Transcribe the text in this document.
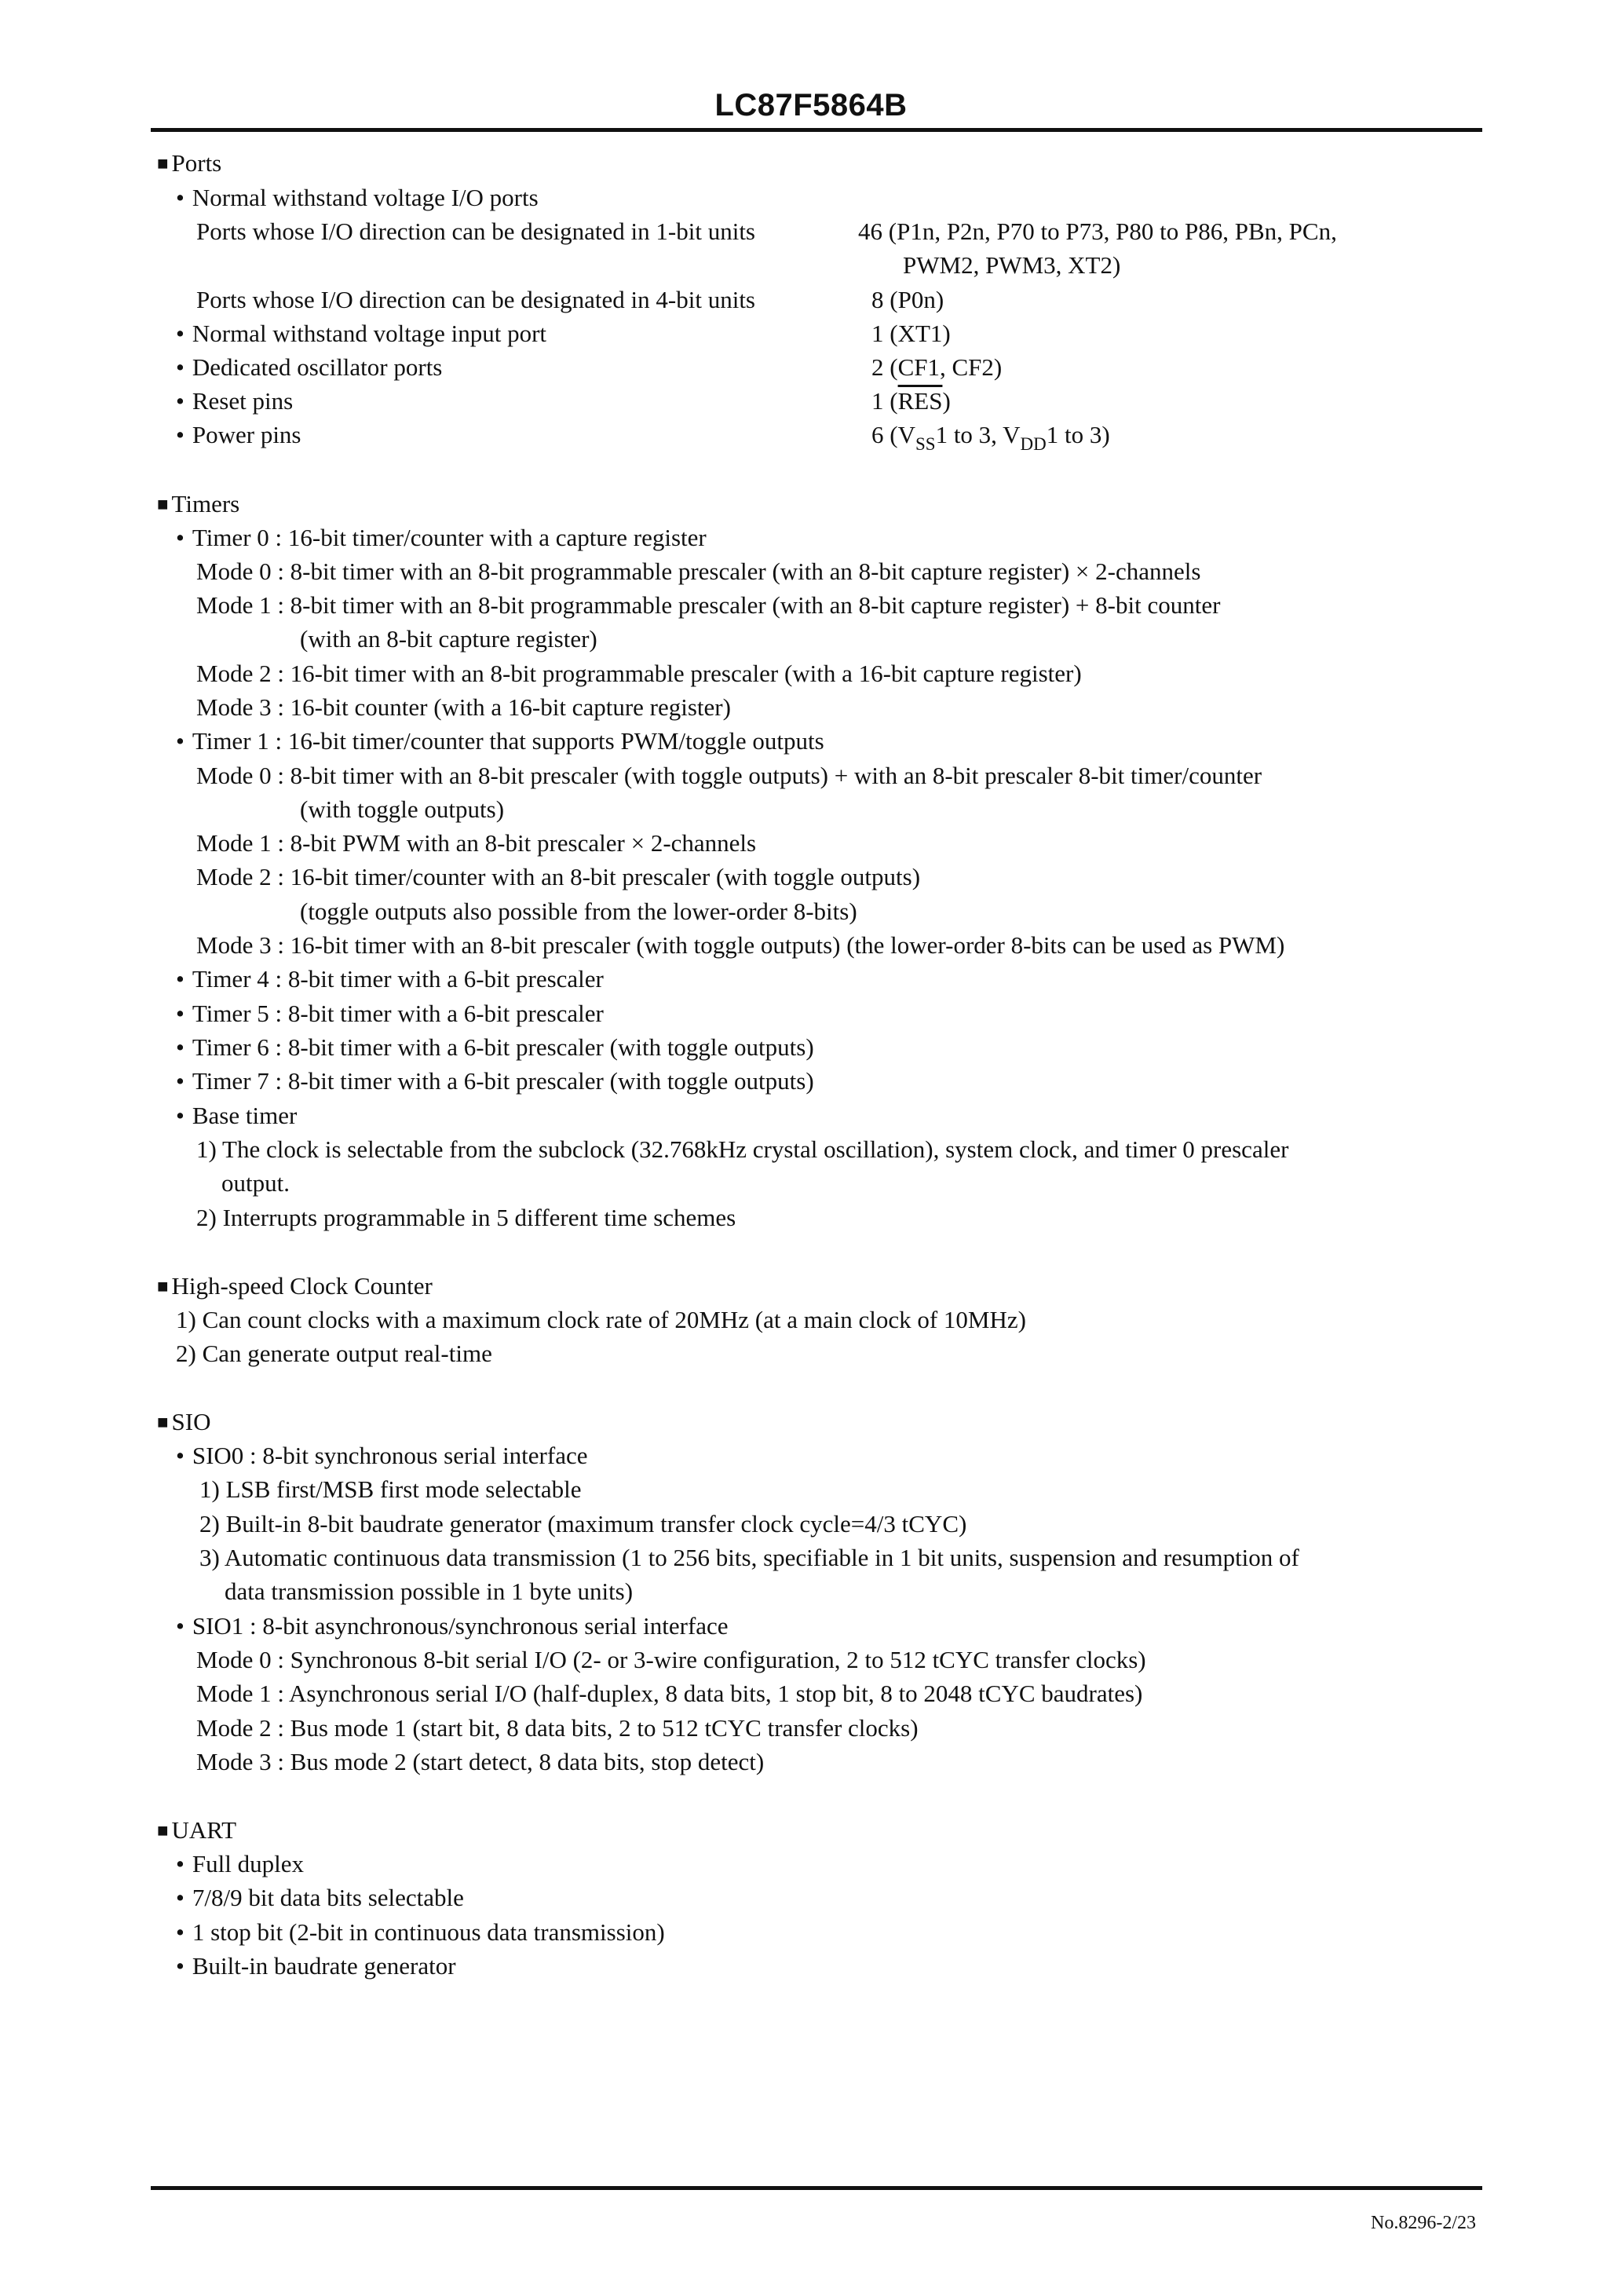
LC87F5864B
■ Ports
• Normal withstand voltage I/O ports
Ports whose I/O direction can be designated in 1-bit units	46 (P1n, P2n, P70 to P73, P80 to P86, PBn, PCn,
PWM2, PWM3, XT2)
Ports whose I/O direction can be designated in 4-bit units	8 (P0n)
• Normal withstand voltage input port	1 (XT1)
• Dedicated oscillator ports	2 (CF1, CF2)
• Reset pins	1 $(\overline{RES})$
• Power pins	6 ($V_{SS}1$ to 3, $V_{DD}1$ to 3)
■ Timers
• Timer 0 : 16-bit timer/counter with a capture register
Mode 0 : 8-bit timer with an 8-bit programmable prescaler (with an 8-bit capture register) × 2-channels
Mode 1 : 8-bit timer with an 8-bit programmable prescaler (with an 8-bit capture register) + 8-bit counter
(with an 8-bit capture register)
Mode 2 : 16-bit timer with an 8-bit programmable prescaler (with a 16-bit capture register)
Mode 3 : 16-bit counter (with a 16-bit capture register)
• Timer 1 : 16-bit timer/counter that supports PWM/toggle outputs
Mode 0 : 8-bit timer with an 8-bit prescaler (with toggle outputs) + with an 8-bit prescaler 8-bit timer/counter
(with toggle outputs)
Mode 1 : 8-bit PWM with an 8-bit prescaler × 2-channels
Mode 2 : 16-bit timer/counter with an 8-bit prescaler (with toggle outputs)
(toggle outputs also possible from the lower-order 8-bits)
Mode 3 : 16-bit timer with an 8-bit prescaler (with toggle outputs) (the lower-order 8-bits can be used as PWM)
• Timer 4 : 8-bit timer with a 6-bit prescaler
• Timer 5 : 8-bit timer with a 6-bit prescaler
• Timer 6 : 8-bit timer with a 6-bit prescaler (with toggle outputs)
• Timer 7 : 8-bit timer with a 6-bit prescaler (with toggle outputs)
• Base timer
1) The clock is selectable from the subclock (32.768kHz crystal oscillation), system clock, and timer 0 prescaler
output.
2) Interrupts programmable in 5 different time schemes
■ High-speed Clock Counter
1) Can count clocks with a maximum clock rate of 20MHz (at a main clock of 10MHz)
2) Can generate output real-time
■ SIO
• SIO0 : 8-bit synchronous serial interface
1) LSB first/MSB first mode selectable
2) Built-in 8-bit baudrate generator (maximum transfer clock cycle=4/3 tCYC)
3) Automatic continuous data transmission (1 to 256 bits, specifiable in 1 bit units, suspension and resumption of
data transmission possible in 1 byte units)
• SIO1 : 8-bit asynchronous/synchronous serial interface
Mode 0 : Synchronous 8-bit serial I/O (2- or 3-wire configuration, 2 to 512 tCYC transfer clocks)
Mode 1 : Asynchronous serial I/O (half-duplex, 8 data bits, 1 stop bit, 8 to 2048 tCYC baudrates)
Mode 2 : Bus mode 1 (start bit, 8 data bits, 2 to 512 tCYC transfer clocks)
Mode 3 : Bus mode 2 (start detect, 8 data bits, stop detect)
■ UART
• Full duplex
• 7/8/9 bit data bits selectable
• 1 stop bit (2-bit in continuous data transmission)
• Built-in baudrate generator
No.8296-2/23
